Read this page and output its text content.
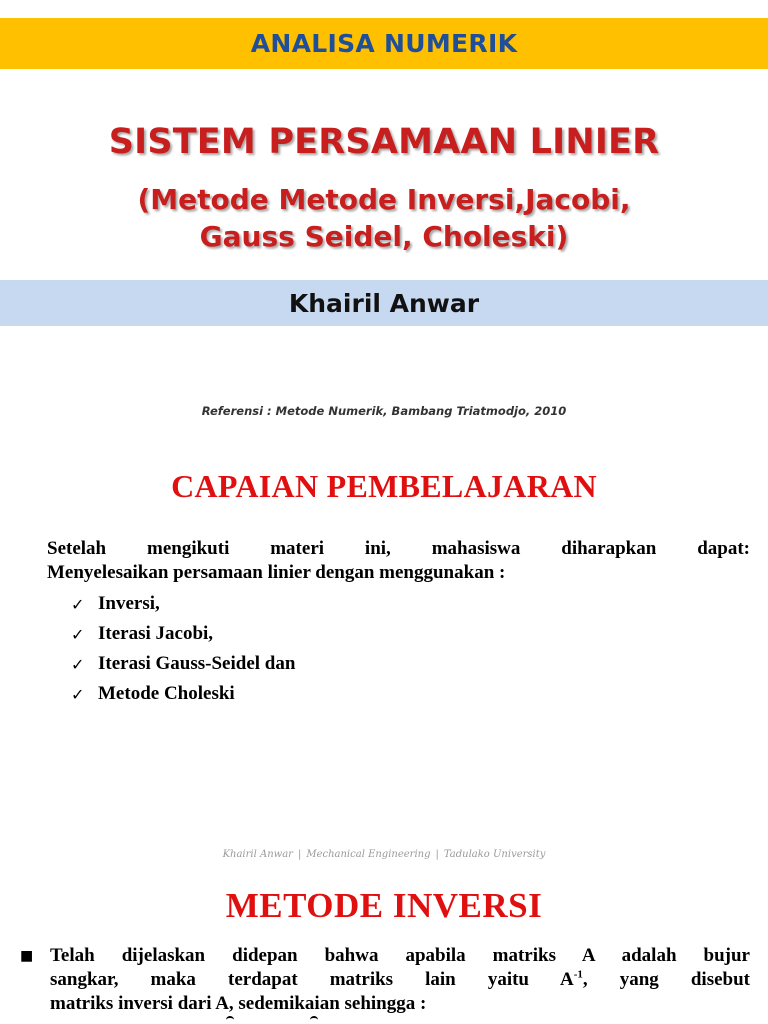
ANALISA NUMERIK
SISTEM PERSAMAAN LINIER
(Metode Metode Inversi,Jacobi,
Gauss Seidel, Choleski)
Khairil Anwar
Referensi : Metode Numerik, Bambang Triatmodjo, 2010
CAPAIAN PEMBELAJARAN
Setelah mengikuti materi ini, mahasiswa diharapkan dapat:
Menyelesaikan persamaan linier dengan menggunakan :
✓ Inversi,
✓ Iterasi Jacobi,
✓ Iterasi Gauss-Seidel dan
✓ Metode Choleski
Khairil Anwar | Mechanical Engineering | Tadulako University
METODE INVERSI
■ Telah dijelaskan didepan bahwa apabila matriks A adalah bujur
sangkar, maka terdapat matriks lain yaitu $A^{-1}$, yang disebut
matriks inversi dari A, sedemikaian sehingga :
